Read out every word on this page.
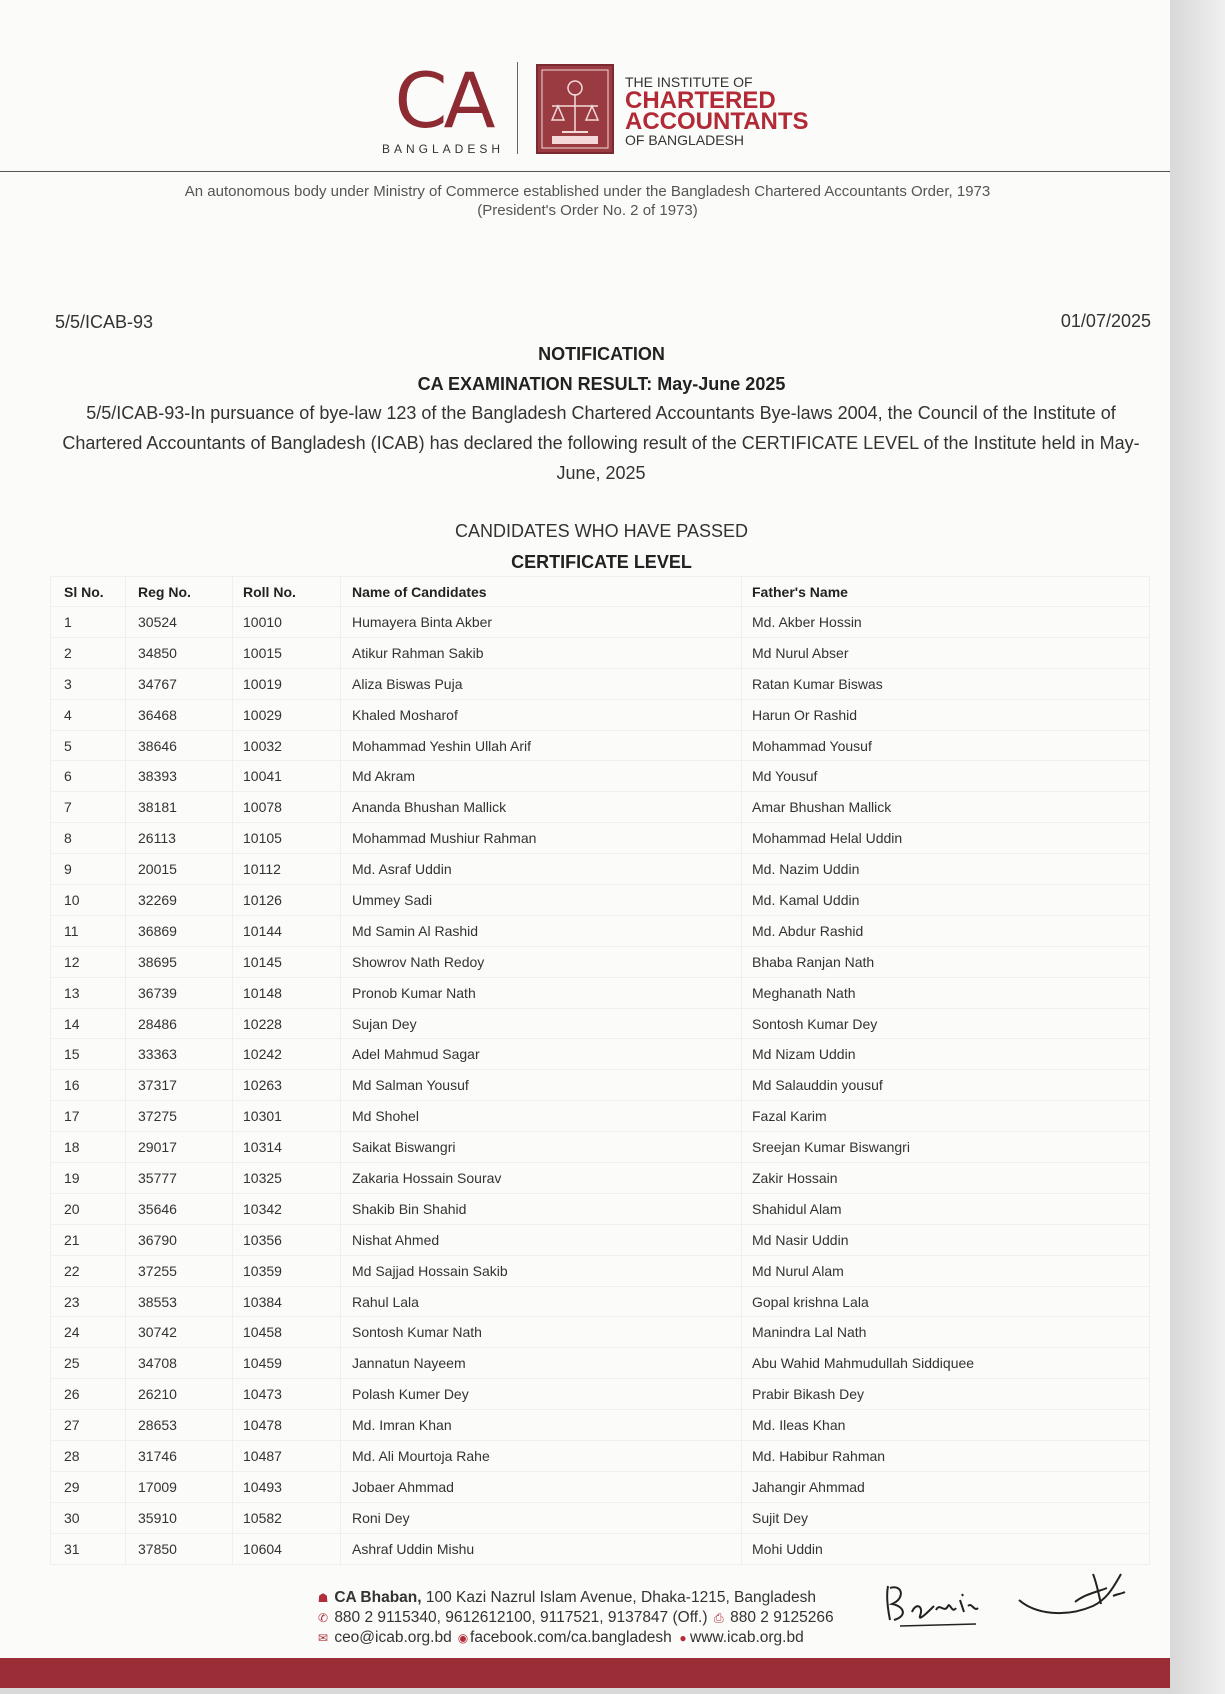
CA
BANGLADESH
THE INSTITUTE OF
CHARTERED
ACCOUNTANTS
OF BANGLADESH
An autonomous body under Ministry of Commerce established under the Bangladesh Chartered Accountants Order, 1973
(President's Order No. 2 of 1973)
5/5/ICAB-93	01/07/2025
NOTIFICATION
CA EXAMINATION RESULT: May-June 2025
5/5/ICAB-93-In pursuance of bye-law 123 of the Bangladesh Chartered Accountants Bye-laws 2004, the Council of the Institute of Chartered Accountants of Bangladesh (ICAB) has declared the following result of the CERTIFICATE LEVEL of the Institute held in May-June, 2025
CANDIDATES WHO HAVE PASSED
CERTIFICATE LEVEL
Sl No.	Reg No.	Roll No.	Name of Candidates	Father's Name
1	30524	10010	Humayera Binta Akber	Md. Akber Hossin
2	34850	10015	Atikur Rahman Sakib	Md Nurul Abser
3	34767	10019	Aliza Biswas Puja	Ratan Kumar Biswas
4	36468	10029	Khaled Mosharof	Harun Or Rashid
5	38646	10032	Mohammad Yeshin Ullah Arif	Mohammad Yousuf
6	38393	10041	Md Akram	Md Yousuf
7	38181	10078	Ananda Bhushan Mallick	Amar Bhushan Mallick
8	26113	10105	Mohammad Mushiur Rahman	Mohammad Helal Uddin
9	20015	10112	Md. Asraf Uddin	Md. Nazim Uddin
10	32269	10126	Ummey Sadi	Md. Kamal Uddin
11	36869	10144	Md Samin Al Rashid	Md. Abdur Rashid
12	38695	10145	Showrov Nath Redoy	Bhaba Ranjan Nath
13	36739	10148	Pronob Kumar Nath	Meghanath Nath
14	28486	10228	Sujan Dey	Sontosh Kumar Dey
15	33363	10242	Adel Mahmud Sagar	Md Nizam Uddin
16	37317	10263	Md Salman Yousuf	Md Salauddin yousuf
17	37275	10301	Md Shohel	Fazal Karim
18	29017	10314	Saikat Biswangri	Sreejan Kumar Biswangri
19	35777	10325	Zakaria Hossain Sourav	Zakir Hossain
20	35646	10342	Shakib Bin Shahid	Shahidul Alam
21	36790	10356	Nishat Ahmed	Md Nasir Uddin
22	37255	10359	Md Sajjad Hossain Sakib	Md Nurul Alam
23	38553	10384	Rahul Lala	Gopal krishna Lala
24	30742	10458	Sontosh Kumar Nath	Manindra Lal Nath
25	34708	10459	Jannatun Nayeem	Abu Wahid Mahmudullah Siddiquee
26	26210	10473	Polash Kumer Dey	Prabir Bikash Dey
27	28653	10478	Md. Imran Khan	Md. Ileas Khan
28	31746	10487	Md. Ali Mourtoja Rahe	Md. Habibur Rahman
29	17009	10493	Jobaer Ahmmad	Jahangir Ahmmad
30	35910	10582	Roni Dey	Sujit Dey
31	37850	10604	Ashraf Uddin Mishu	Mohi Uddin
☗ CA Bhaban, 100 Kazi Nazrul Islam Avenue, Dhaka-1215, Bangladesh
✆ 880 2 9115340, 9612612100, 9117521, 9137847 (Off.) ⎙ 880 2 9125266
✉ ceo@icab.org.bd ◉ facebook.com/ca.bangladesh ● www.icab.org.bd
